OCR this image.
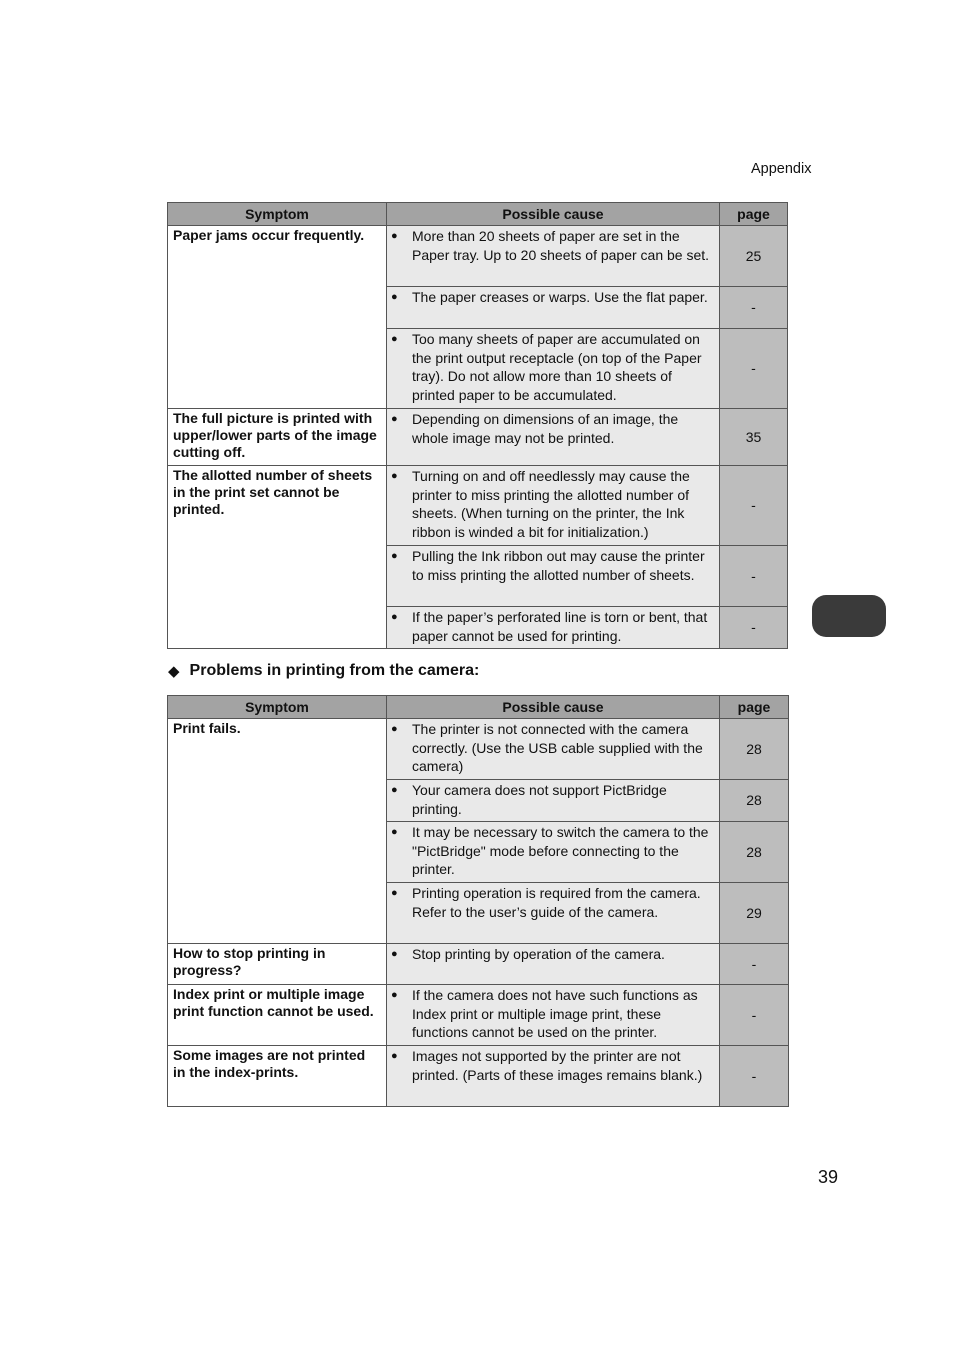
Appendix
Symptom	Possible cause	page
Paper jams occur frequently.	● More than 20 sheets of paper are set in the Paper tray. Up to 20 sheets of paper can be set.	25

	● The paper creases or warps. Use the flat paper.	-

	● Too many sheets of paper are accumulated on the print output receptacle (on top of the Paper tray). Do not allow more than 10 sheets of printed paper to be accumulated.	-
The full picture is printed with upper/lower parts of the image cutting off.	● Depending on dimensions of an image, the whole image may not be printed.	35
The allotted number of sheets in the print set cannot be printed.	● Turning on and off needlessly may cause the printer to miss printing the allotted number of sheets. (When turning on the printer, the Ink ribbon is winded a bit for initialization.)	-

	● Pulling the Ink ribbon out may cause the printer to miss printing the allotted number of sheets.	-

	● If the paper’s perforated line is torn or bent, that paper cannot be used for printing.	-
◆ Problems in printing from the camera:
Symptom	Possible cause	page
Print fails.	● The printer is not connected with the camera correctly. (Use the USB cable supplied with the camera)	28

	● Your camera does not support PictBridge printing.	28

	● It may be necessary to switch the camera to the "PictBridge" mode before connecting to the printer.	28

	● Printing operation is required from the camera. Refer to the user’s guide of the camera.	29
How to stop printing in progress?	● Stop printing by operation of the camera.	-
Index print or multiple image print function cannot be used.	● If the camera does not have such functions as Index print or multiple image print, these functions cannot be used on the printer.	-
Some images are not printed in the index-prints.	● Images not supported by the printer are not printed. (Parts of these images remains blank.)	-
39
